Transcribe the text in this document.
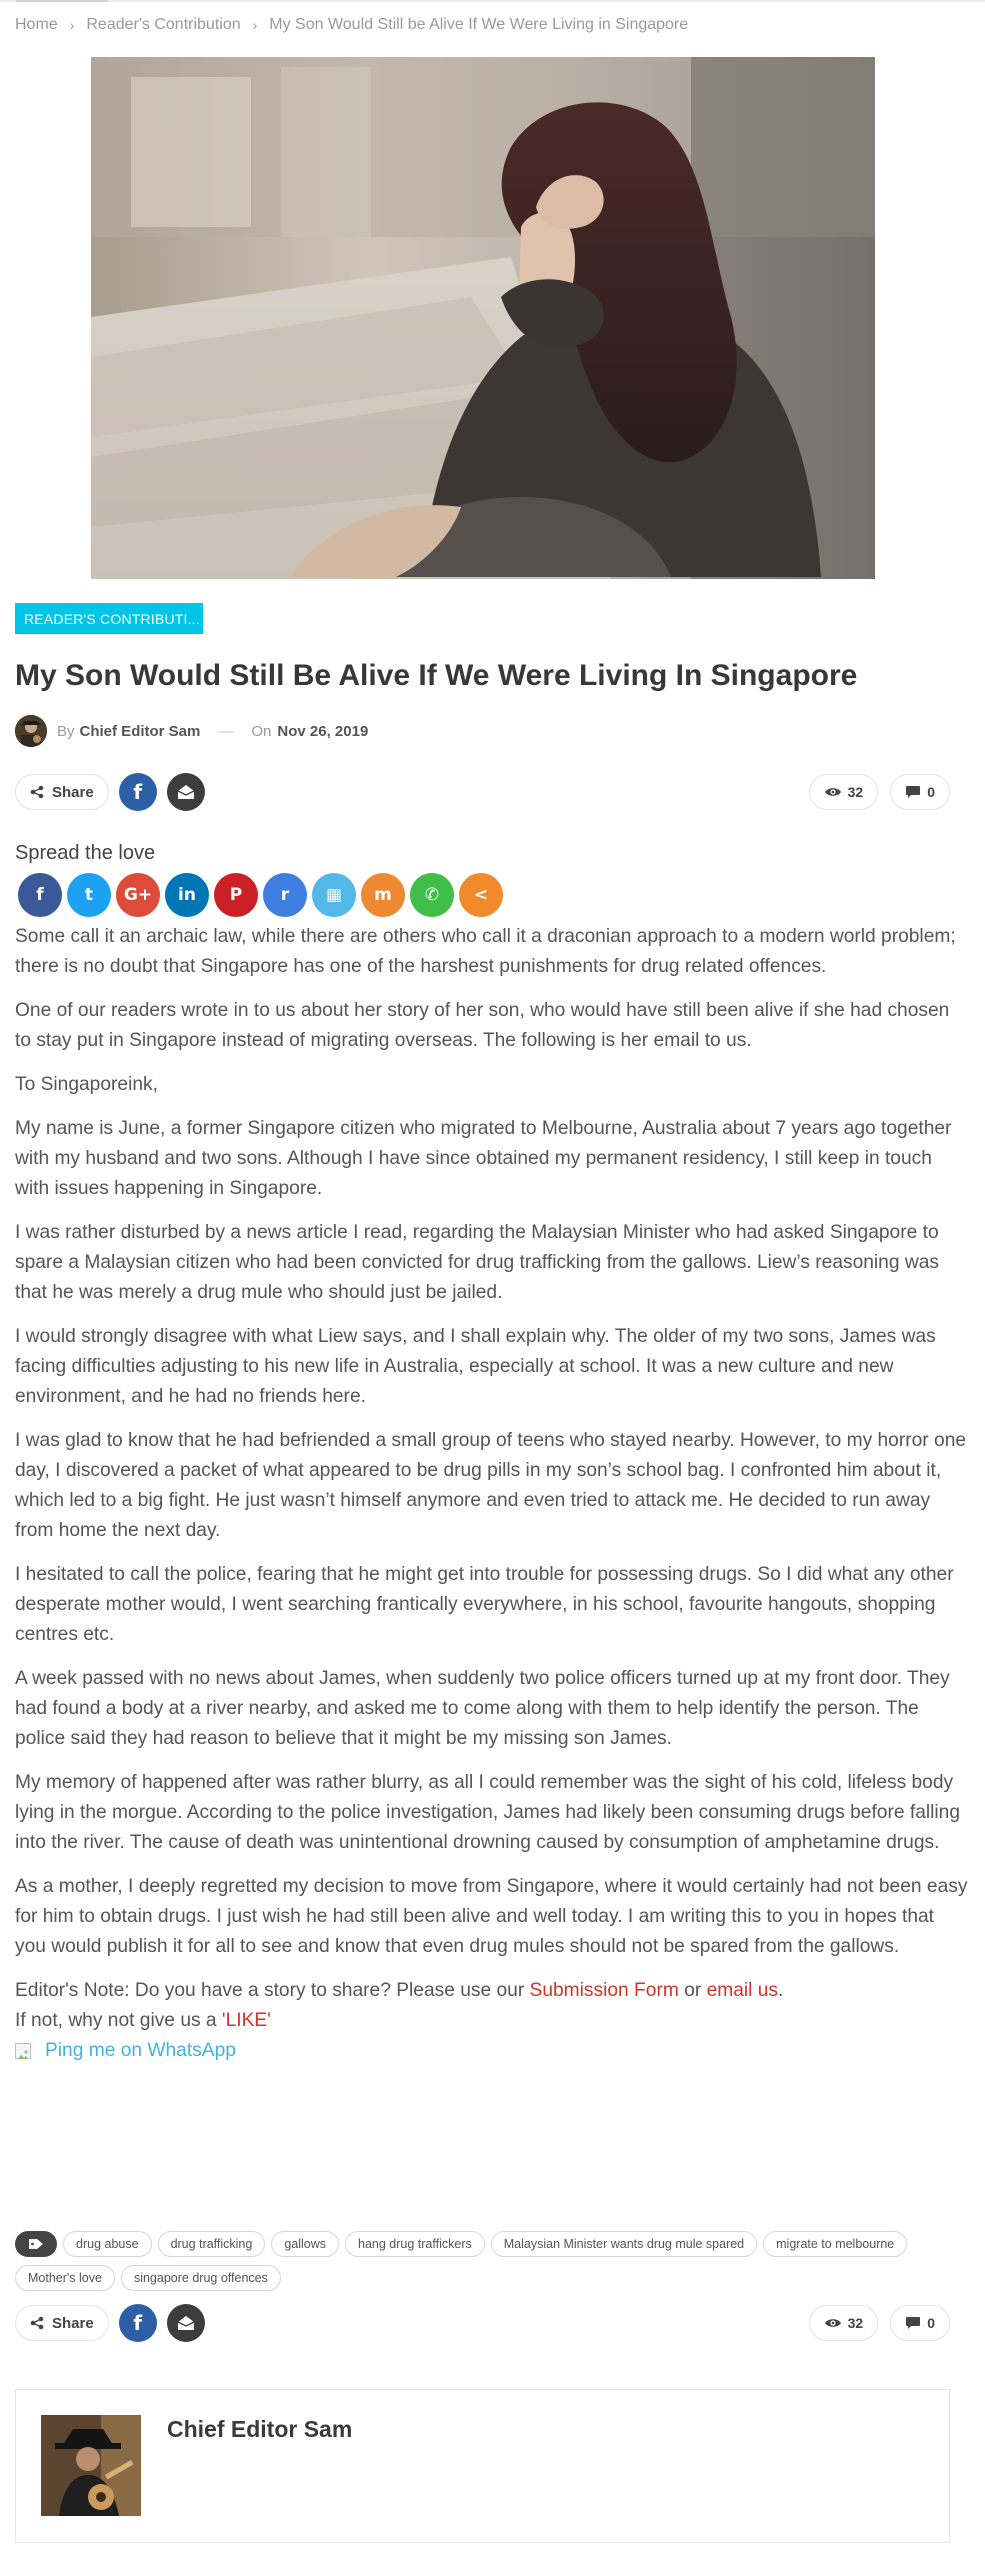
Home › Reader's Contribution › My Son Would Still be Alive If We Were Living in Singapore
READER'S CONTRIBUTI...
My Son Would Still Be Alive If We Were Living In Singapore
By Chief Editor Sam — On Nov 26, 2019
Share f	32	0
Spread the love
f t G+ in P r ▦ m ✆ <

Some call it an archaic law, while there are others who call it a draconian approach to a modern world problem; there is no doubt that Singapore has one of the harshest punishments for drug related offences.

One of our readers wrote in to us about her story of her son, who would have still been alive if she had chosen to stay put in Singapore instead of migrating overseas. The following is her email to us.

To Singaporeink,

My name is June, a former Singapore citizen who migrated to Melbourne, Australia about 7 years ago together with my husband and two sons. Although I have since obtained my permanent residency, I still keep in touch with issues happening in Singapore.

I was rather disturbed by a news article I read, regarding the Malaysian Minister who had asked Singapore to spare a Malaysian citizen who had been convicted for drug trafficking from the gallows. Liew’s reasoning was that he was merely a drug mule who should just be jailed.

I would strongly disagree with what Liew says, and I shall explain why. The older of my two sons, James was facing difficulties adjusting to his new life in Australia, especially at school. It was a new culture and new environment, and he had no friends here.

I was glad to know that he had befriended a small group of teens who stayed nearby. However, to my horror one day, I discovered a packet of what appeared to be drug pills in my son’s school bag. I confronted him about it, which led to a big fight. He just wasn’t himself anymore and even tried to attack me. He decided to run away from home the next day.

I hesitated to call the police, fearing that he might get into trouble for possessing drugs. So I did what any other desperate mother would, I went searching frantically everywhere, in his school, favourite hangouts, shopping centres etc.

A week passed with no news about James, when suddenly two police officers turned up at my front door. They had found a body at a river nearby, and asked me to come along with them to help identify the person. The police said they had reason to believe that it might be my missing son James.

My memory of happened after was rather blurry, as all I could remember was the sight of his cold, lifeless body lying in the morgue. According to the police investigation, James had likely been consuming drugs before falling into the river. The cause of death was unintentional drowning caused by consumption of amphetamine drugs.

As a mother, I deeply regretted my decision to move from Singapore, where it would certainly had not been easy for him to obtain drugs. I just wish he had still been alive and well today. I am writing this to you in hopes that you would publish it for all to see and know that even drug mules should not be spared from the gallows.

Editor's Note: Do you have a story to share? Please use our Submission Form or email us.

If not, why not give us a 'LIKE'

Ping me on WhatsApp
drug abuse	drug trafficking	gallows	hang drug traffickers	Malaysian Minister wants drug mule spared	migrate to melbourne
Mother's love	singapore drug offences
Share f	32	0
Chief Editor Sam
